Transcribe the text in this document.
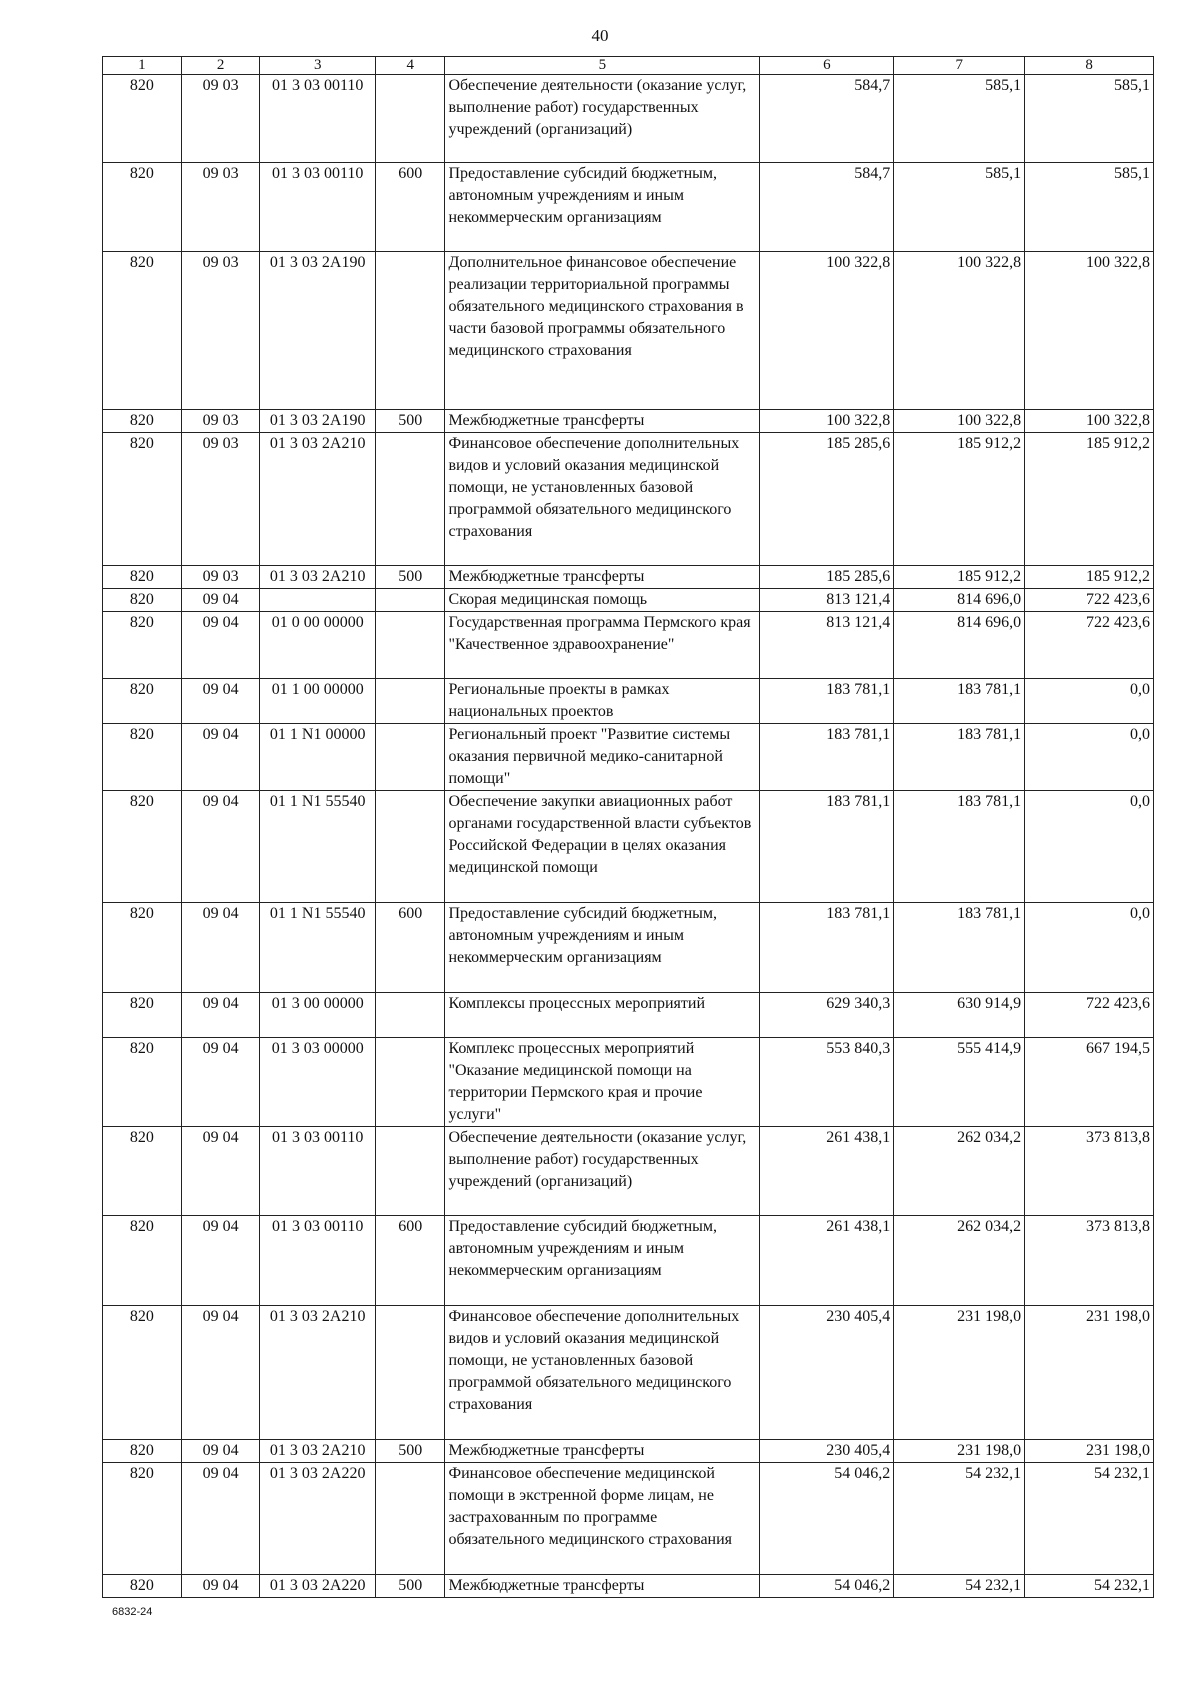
40
1	2	3	4	5	6	7	8
820	09 03	01 3 03 00110		Обеспечение деятельности (оказание услуг, выполнение работ) государственных учреждений (организаций)	584,7	585,1	585,1
820	09 03	01 3 03 00110	600	Предоставление субсидий бюджетным, автономным учреждениям и иным некоммерческим организациям	584,7	585,1	585,1
820	09 03	01 3 03 2А190		Дополнительное финансовое обеспечение реализации территориальной программы обязательного медицинского страхования в части базовой программы обязательного медицинского страхования	100 322,8	100 322,8	100 322,8
820	09 03	01 3 03 2А190	500	Межбюджетные трансферты	100 322,8	100 322,8	100 322,8
820	09 03	01 3 03 2А210		Финансовое обеспечение дополнительных видов и условий оказания медицинской помощи, не установленных базовой программой обязательного медицинского страхования	185 285,6	185 912,2	185 912,2
820	09 03	01 3 03 2А210	500	Межбюджетные трансферты	185 285,6	185 912,2	185 912,2
820	09 04			Скорая медицинская помощь	813 121,4	814 696,0	722 423,6
820	09 04	01 0 00 00000		Государственная программа Пермского края "Качественное здравоохранение"	813 121,4	814 696,0	722 423,6
820	09 04	01 1 00 00000		Региональные проекты в рамках национальных проектов	183 781,1	183 781,1	0,0
820	09 04	01 1 N1 00000		Региональный проект "Развитие системы оказания первичной медико-санитарной помощи"	183 781,1	183 781,1	0,0
820	09 04	01 1 N1 55540		Обеспечение закупки авиационных работ органами государственной власти субъектов Российской Федерации в целях оказания медицинской помощи	183 781,1	183 781,1	0,0
820	09 04	01 1 N1 55540	600	Предоставление субсидий бюджетным, автономным учреждениям и иным некоммерческим организациям	183 781,1	183 781,1	0,0
820	09 04	01 3 00 00000		Комплексы процессных мероприятий	629 340,3	630 914,9	722 423,6
820	09 04	01 3 03 00000		Комплекс процессных мероприятий "Оказание медицинской помощи на территории Пермского края и прочие услуги"	553 840,3	555 414,9	667 194,5
820	09 04	01 3 03 00110		Обеспечение деятельности (оказание услуг, выполнение работ) государственных учреждений (организаций)	261 438,1	262 034,2	373 813,8
820	09 04	01 3 03 00110	600	Предоставление субсидий бюджетным, автономным учреждениям и иным некоммерческим организациям	261 438,1	262 034,2	373 813,8
820	09 04	01 3 03 2А210		Финансовое обеспечение дополнительных видов и условий оказания медицинской помощи, не установленных базовой программой обязательного медицинского страхования	230 405,4	231 198,0	231 198,0
820	09 04	01 3 03 2А210	500	Межбюджетные трансферты	230 405,4	231 198,0	231 198,0
820	09 04	01 3 03 2А220		Финансовое обеспечение медицинской помощи в экстренной форме лицам, не застрахованным по программе обязательного медицинского страхования	54 046,2	54 232,1	54 232,1
820	09 04	01 3 03 2А220	500	Межбюджетные трансферты	54 046,2	54 232,1	54 232,1
6832-24
